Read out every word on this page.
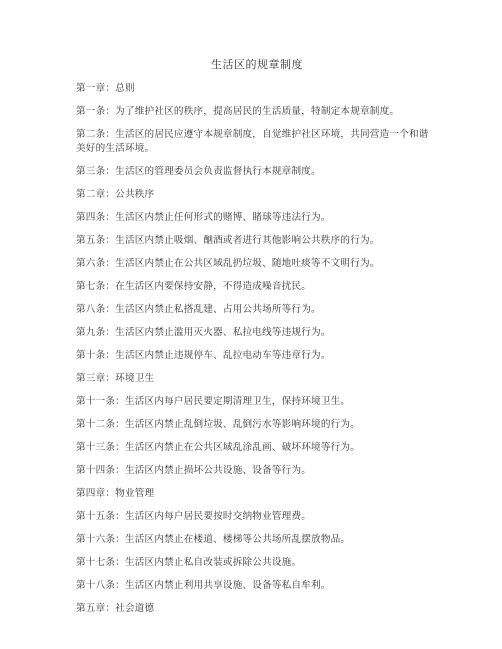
生活区的规章制度

第一章：总则

第一条：为了维护社区的秩序，提高居民的生活质量，特制定本规章制度。

第二条：生活区的居民应遵守本规章制度，自觉维护社区环境，共同营造一个和谐美好的生活环境。

第三条：生活区的管理委员会负责监督执行本规章制度。

第二章：公共秩序

第四条：生活区内禁止任何形式的赌博、賭球等违法行为。

第五条：生活区内禁止吸烟、酗酒或者进行其他影响公共秩序的行为。

第六条：生活区内禁止在公共区域乱扔垃圾、随地吐痰等不文明行为。

第七条：在生活区内要保持安静，不得造成噪音扰民。

第八条：生活区内禁止私搭乱建、占用公共场所等行为。

第九条：生活区内禁止滥用灭火器、私拉电线等违规行为。

第十条：生活区内禁止违规停车、乱拉电动车等违章行为。

第三章：环境卫生

第十一条：生活区内每户居民要定期清理卫生，保持环境卫生。

第十二条：生活区内禁止乱倒垃圾、乱倒污水等影响环境的行为。

第十三条：生活区内禁止在公共区域乱涂乱画、破坏环境等行为。

第十四条：生活区内禁止损坏公共设施、设备等行为。

第四章：物业管理

第十五条：生活区内每户居民要按时交纳物业管理费。

第十六条：生活区内禁止在楼道、楼梯等公共场所乱摆放物品。

第十七条：生活区内禁止私自改装或拆除公共设施。

第十八条：生活区内禁止利用共享设施、设备等私自牟利。

第五章：社会道德
